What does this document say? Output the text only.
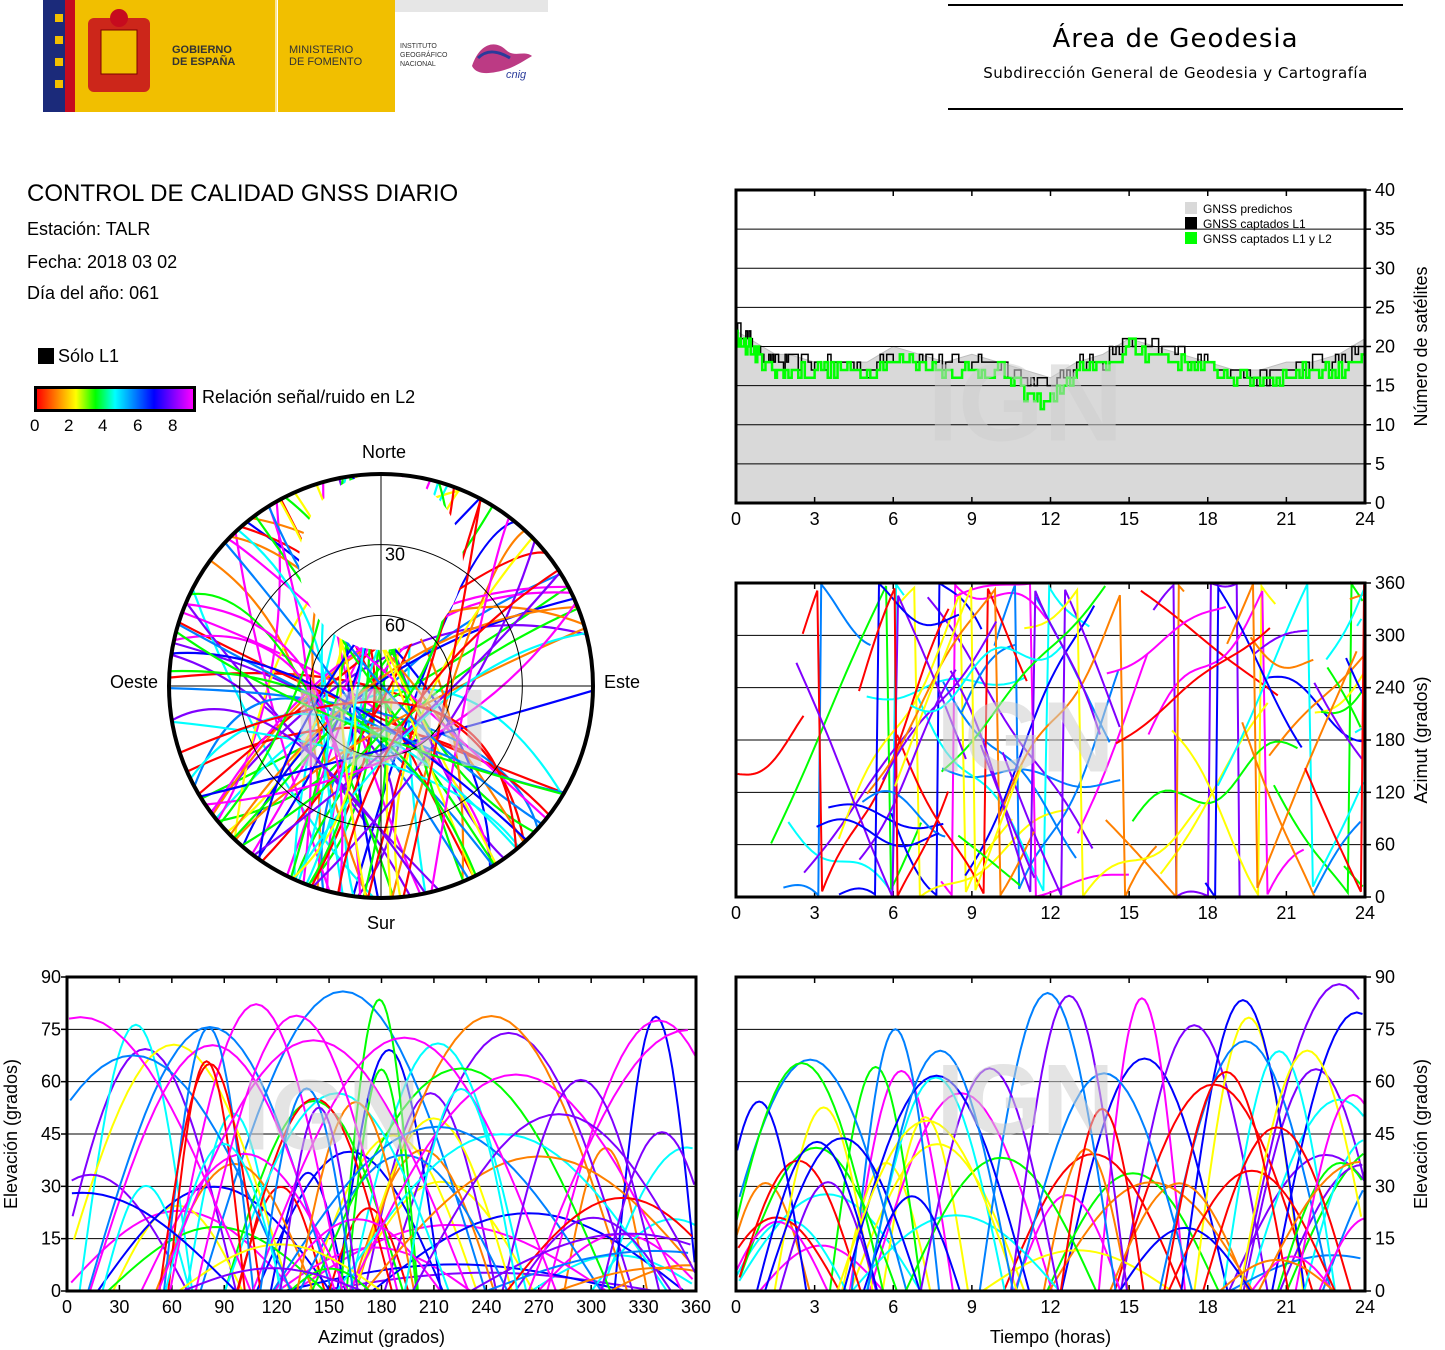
GOBIERNO
DE ESPAÑA
MINISTERIO
DE FOMENTO
INSTITUTO
GEOGRÁFICO
NACIONAL
cnig
Área de Geodesia
Subdirección General de Geodesia y Cartografía
CONTROL DE CALIDAD GNSS DIARIO
Estación: TALR
Fecha: 2018 03 02
Día del año: 061
Sólo L1
Relación señal/ruido en L2
0 2 4 6 8
0
5
10
15
20
25
30
35
40
0	3	6	9	12	15	18	21	24
IGN	Número de satélites
GNSS predichos
GNSS captados L1
GNSS captados L1 y L2
0
60
120
180
240
300
360
0	3	6	9	12	15	18	21	24
IGN	Azimut (grados)
0
15
30
45
60
75
90
0 30 60 90 120 150 180 210 240 270 300 330 360
IGN
Azimut (grados)
Elevación (grados)
0
15
30
45
60
75
90
0	3	6	9	12	15	18	21	24
IGN
Tiempo (horas)
Elevación (grados)
IGN
30
60
Norte
Sur
Oeste	Este
